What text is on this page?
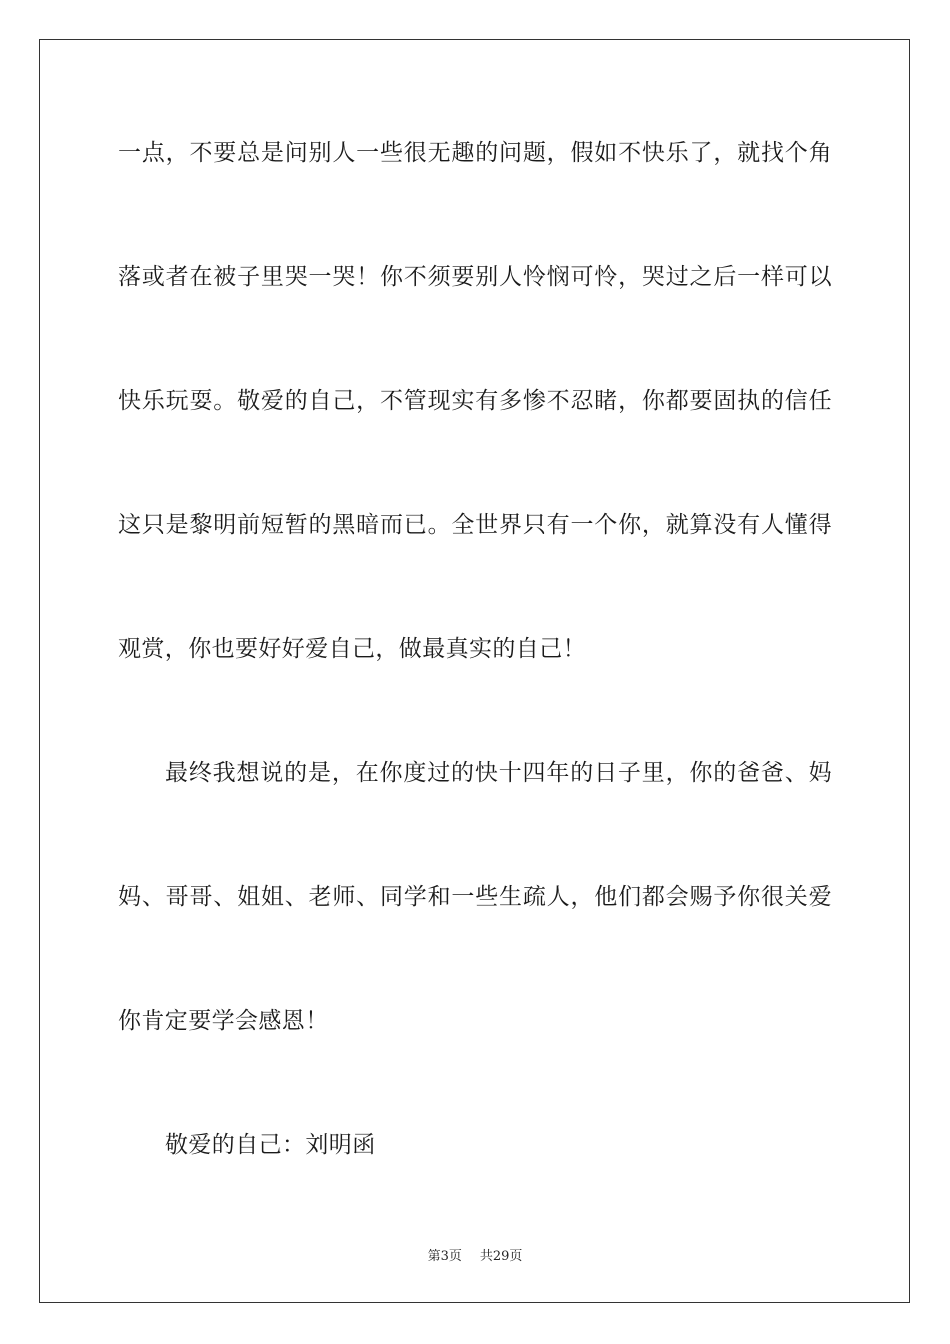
一点，不要总是问别人一些很无趣的问题，假如不快乐了，就找个角
落或者在被子里哭一哭！你不须要别人怜悯可怜，哭过之后一样可以
快乐玩耍。敬爱的自己，不管现实有多惨不忍睹，你都要固执的信任
这只是黎明前短暂的黑暗而已。全世界只有一个你，就算没有人懂得
观赏，你也要好好爱自己，做最真实的自己！
最终我想说的是，在你度过的快十四年的日子里，你的爸爸、妈
妈、哥哥、姐姐、老师、同学和一些生疏人，他们都会赐予你很关爱
你肯定要学会感恩！
敬爱的自己：刘明函
第3页 共29页
